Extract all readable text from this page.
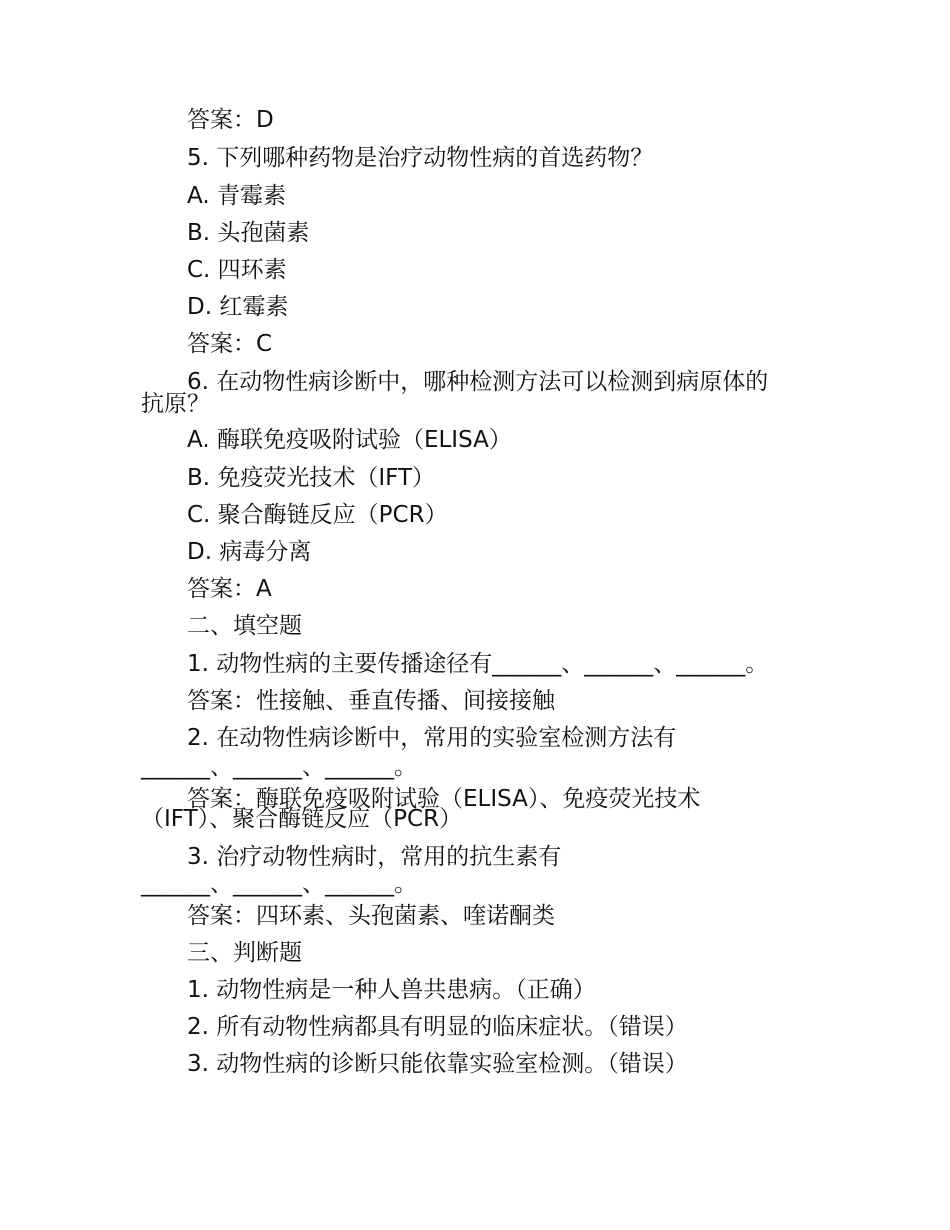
答案：D

5. 下列哪种药物是治疗动物性病的首选药物？

A. 青霉素

B. 头孢菌素

C. 四环素

D. 红霉素

答案：C

6. 在动物性病诊断中，哪种检测方法可以检测到病原体的

抗原？

A. 酶联免疫吸附试验（ELISA）

B. 免疫荧光技术（IFT）

C. 聚合酶链反应（PCR）

D. 病毒分离

答案：A

二、填空题

1. 动物性病的主要传播途径有______、______、______。

答案：性接触、垂直传播、间接接触

2. 在动物性病诊断中，常用的实验室检测方法有

______、______、______。

答案：酶联免疫吸附试验（ELISA）、免疫荧光技术

（IFT）、聚合酶链反应（PCR）

3. 治疗动物性病时，常用的抗生素有

______、______、______。

答案：四环素、头孢菌素、喹诺酮类

三、判断题

1. 动物性病是一种人兽共患病。（正确）

2. 所有动物性病都具有明显的临床症状。（错误）

3. 动物性病的诊断只能依靠实验室检测。（错误）
